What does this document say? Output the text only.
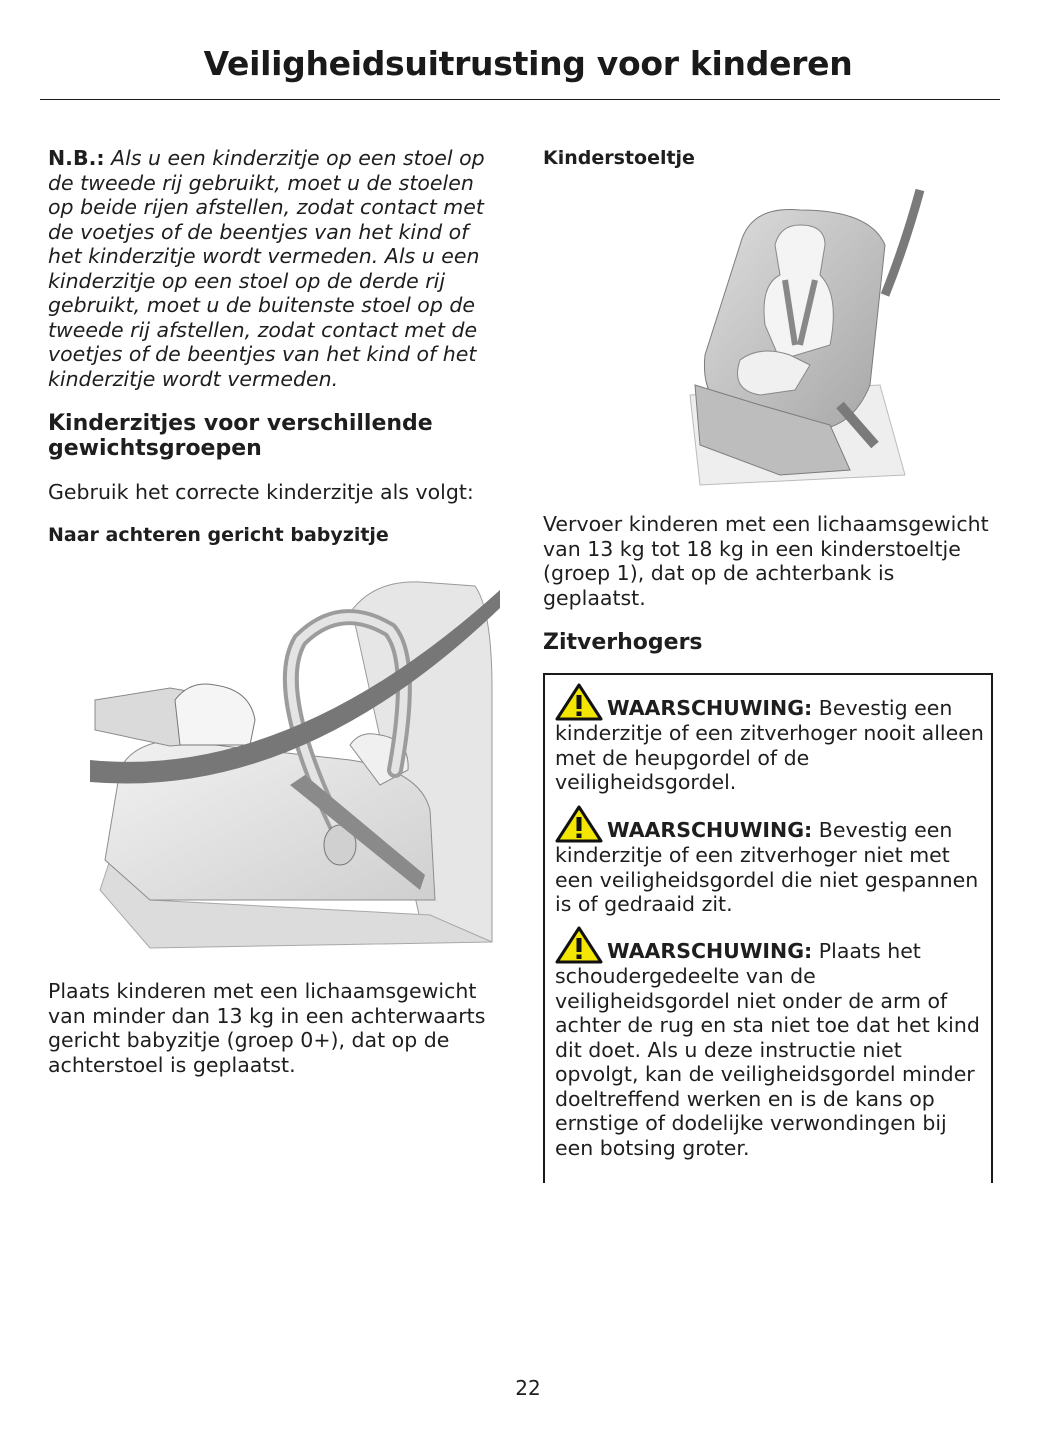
Veiligheidsuitrusting voor kinderen

N.B.: Als u een kinderzitje op een stoel op de tweede rij gebruikt, moet u de stoelen op beide rijen afstellen, zodat contact met de voetjes of de beentjes van het kind of het kinderzitje wordt vermeden. Als u een kinderzitje op een stoel op de derde rij gebruikt, moet u de buitenste stoel op de tweede rij afstellen, zodat contact met de voetjes of de beentjes van het kind of het kinderzitje wordt vermeden.

Kinderzitjes voor verschillende gewichtsgroepen

Gebruik het correcte kinderzitje als volgt:

Naar achteren gericht babyzitje

Plaats kinderen met een lichaamsgewicht van minder dan 13 kg in een achterwaarts gericht babyzitje (groep 0+), dat op de achterstoel is geplaatst.

Kinderstoeltje

Vervoer kinderen met een lichaamsgewicht van 13 kg tot 18 kg in een kinderstoeltje (groep 1), dat op de achterbank is geplaatst.

Zitverhogers
WAARSCHUWING: Bevestig een kinderzitje of een zitverhoger nooit alleen met de heupgordel of de veiligheidsgordel.
WAARSCHUWING: Bevestig een kinderzitje of een zitverhoger niet met een veiligheidsgordel die niet gespannen is of gedraaid zit.
WAARSCHUWING: Plaats het schoudergedeelte van de veiligheidsgordel niet onder de arm of achter de rug en sta niet toe dat het kind dit doet. Als u deze instructie niet opvolgt, kan de veiligheidsgordel minder doeltreffend werken en is de kans op ernstige of dodelijke verwondingen bij een botsing groter.
22
